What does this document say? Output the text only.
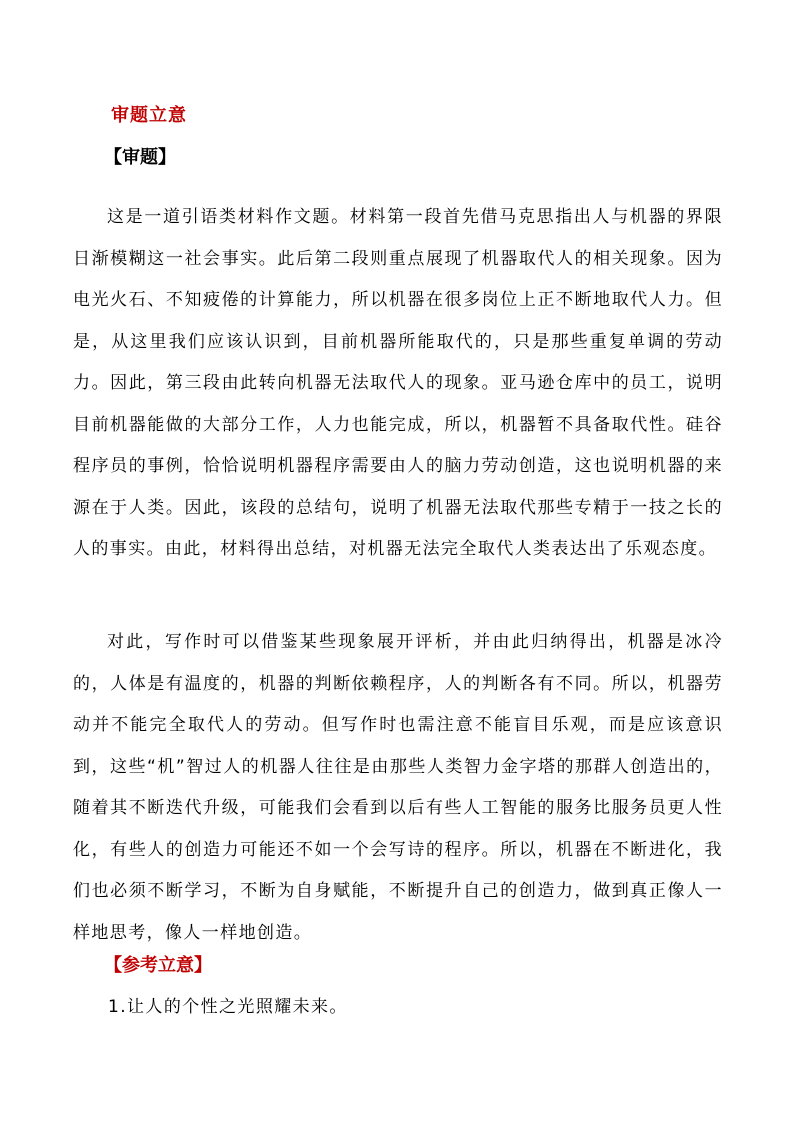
审题立意
【审题】

这是一道引语类材料作文题。材料第一段首先借马克思指出人与机器的界限日渐模糊这一社会事实。此后第二段则重点展现了机器取代人的相关现象。因为电光火石、不知疲倦的计算能力，所以机器在很多岗位上正不断地取代人力。但是，从这里我们应该认识到，目前机器所能取代的，只是那些重复单调的劳动力。因此，第三段由此转向机器无法取代人的现象。亚马逊仓库中的员工，说明目前机器能做的大部分工作，人力也能完成，所以，机器暂不具备取代性。硅谷程序员的事例，恰恰说明机器程序需要由人的脑力劳动创造，这也说明机器的来源在于人类。因此，该段的总结句，说明了机器无法取代那些专精于一技之长的人的事实。由此，材料得出总结，对机器无法完全取代人类表达出了乐观态度。

对此，写作时可以借鉴某些现象展开评析，并由此归纳得出，机器是冰冷的，人体是有温度的，机器的判断依赖程序，人的判断各有不同。所以，机器劳动并不能完全取代人的劳动。但写作时也需注意不能盲目乐观，而是应该意识到，这些“机”智过人的机器人往往是由那些人类智力金字塔的那群人创造出的，随着其不断迭代升级，可能我们会看到以后有些人工智能的服务比服务员更人性化，有些人的创造力可能还不如一个会写诗的程序。所以，机器在不断进化，我们也必须不断学习，不断为自身赋能，不断提升自己的创造力，做到真正像人一样地思考，像人一样地创造。

【参考立意】
1.让人的个性之光照耀未来。
